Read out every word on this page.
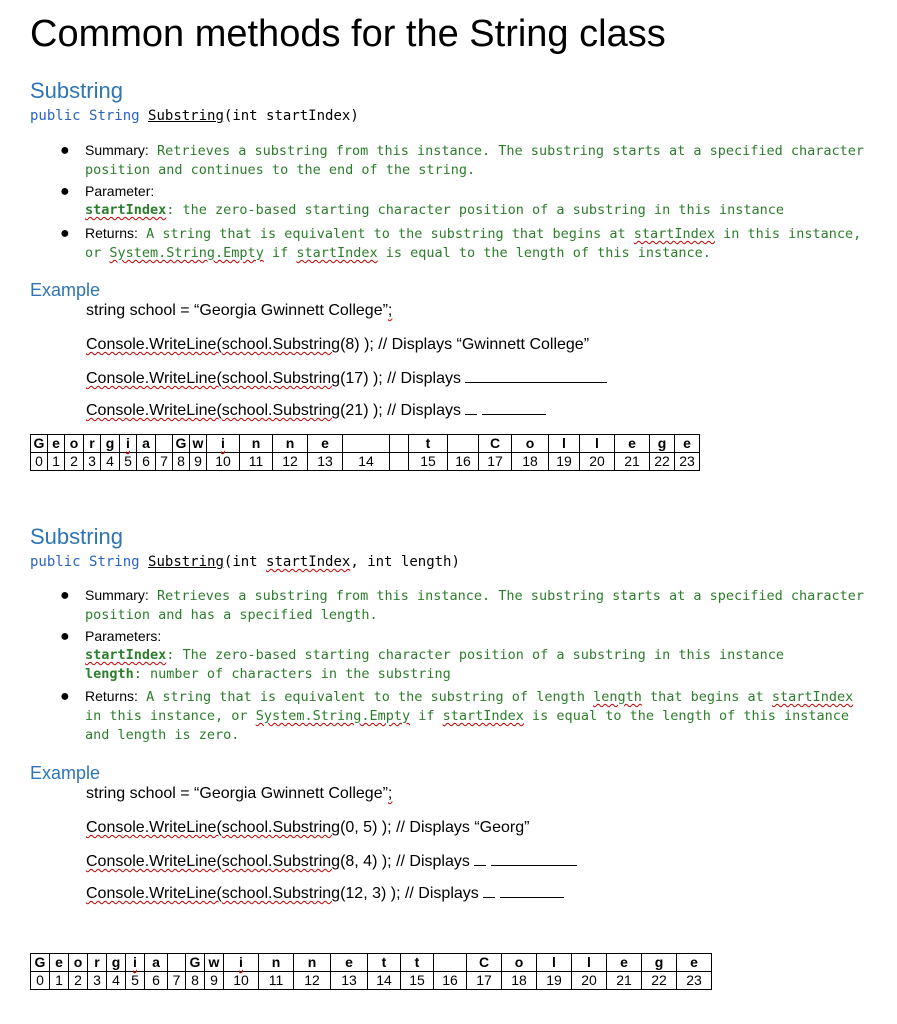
Common methods for the String class
Substring
public String Substring(int startIndex)
● Summary: Retrieves a substring from this instance. The substring starts at a specified character
position and continues to the end of the string.
● Parameter:
startIndex: the zero-based starting character position of a substring in this instance
● Returns: A string that is equivalent to the substring that begins at startIndex in this instance,
or System.String.Empty if startIndex is equal to the length of this instance.
Example
string school = “Georgia Gwinnett College”;
Console.WriteLine(school.Substring(8) ); // Displays “Gwinnett College”
Console.WriteLine(school.Substring(17) ); // Displays
Console.WriteLine(school.Substring(21) ); // Displays
G	e	o	r	g	i	a		G	w	i	n	n	e			t		C	o	l	l	e	g	e
0	1	2	3	4	5	6	7	8	9	10	11	12	13	14		15	16	17	18	19	20	21	22	23
Substring
public String Substring(int startIndex, int length)
● Summary: Retrieves a substring from this instance. The substring starts at a specified character
position and has a specified length.
● Parameters:
startIndex: The zero-based starting character position of a substring in this instance
length: number of characters in the substring
● Returns: A string that is equivalent to the substring of length length that begins at startIndex
in this instance, or System.String.Empty if startIndex is equal to the length of this instance
and length is zero.
Example
string school = “Georgia Gwinnett College”;
Console.WriteLine(school.Substring(0, 5) ); // Displays “Georg”
Console.WriteLine(school.Substring(8, 4) ); // Displays
Console.WriteLine(school.Substring(12, 3) ); // Displays
G	e	o	r	g	i	a		G	w	i	n	n	e	t	t		C	o	l	l	e	g	e
0	1	2	3	4	5	6	7	8	9	10	11	12	13	14	15	16	17	18	19	20	21	22	23
